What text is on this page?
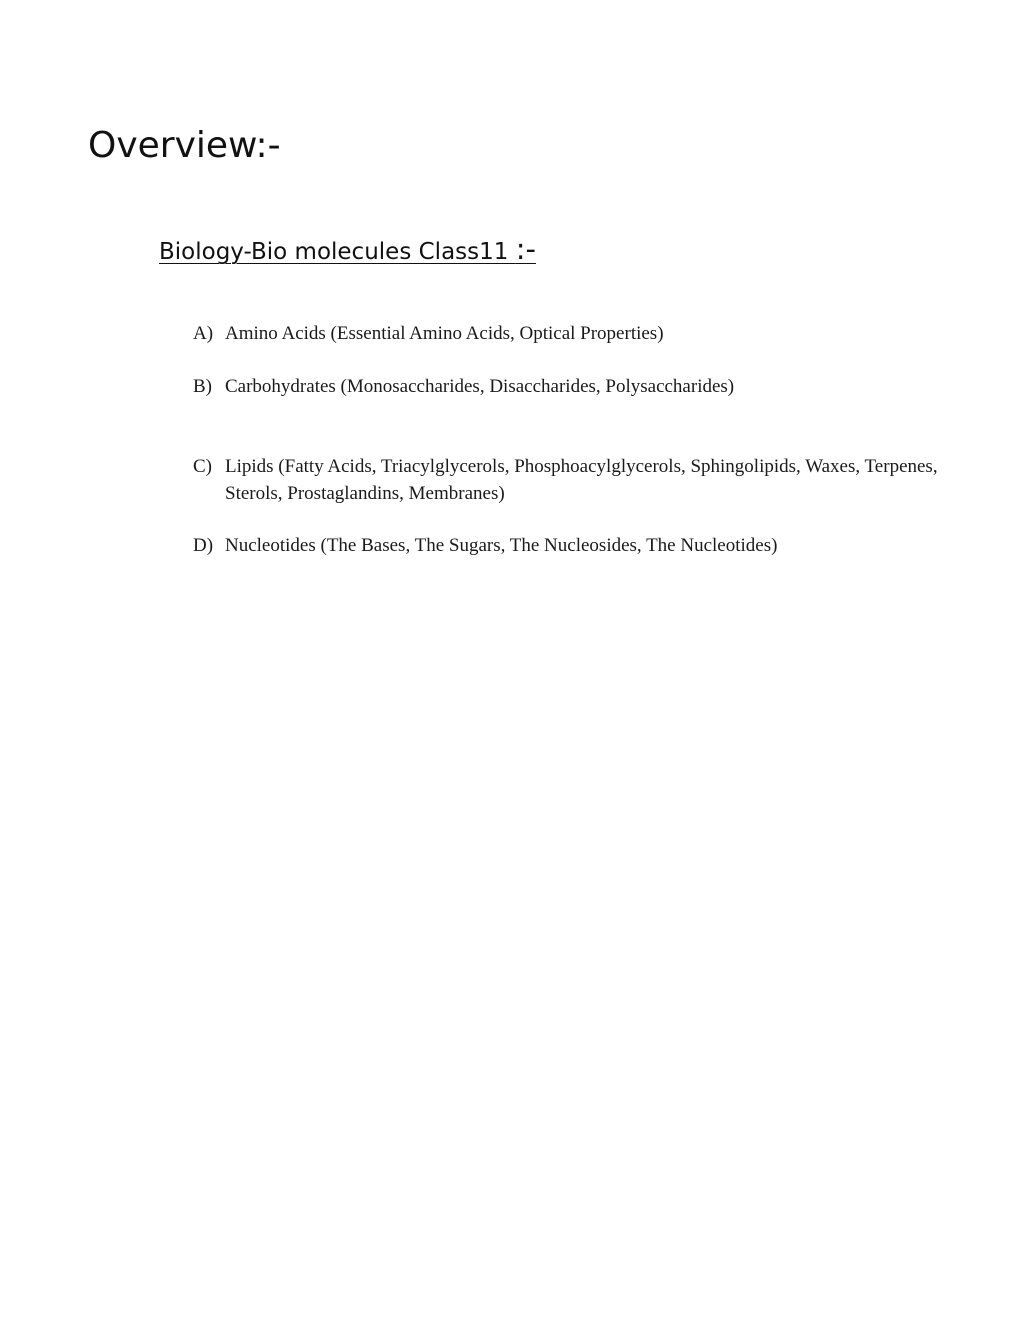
Overview:-
Biology-Bio molecules Class11 :-
A) Amino Acids (Essential Amino Acids, Optical Properties)
B) Carbohydrates (Monosaccharides, Disaccharides, Polysaccharides)
C) Lipids (Fatty Acids, Triacylglycerols, Phosphoacylglycerols, Sphingolipids, Waxes, Terpenes, Sterols, Prostaglandins, Membranes)
D) Nucleotides (The Bases, The Sugars, The Nucleosides, The Nucleotides)
